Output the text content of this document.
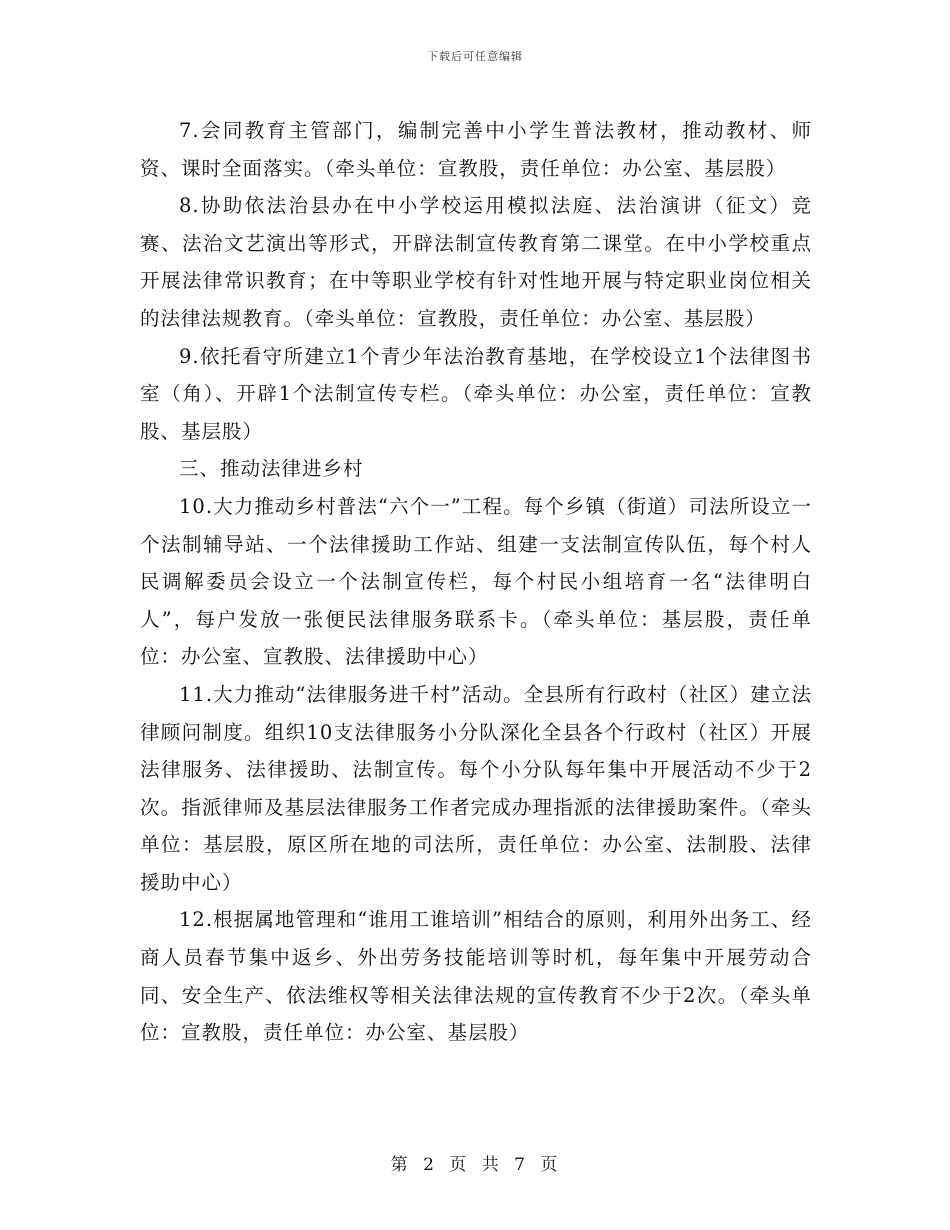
下载后可任意编辑

7.会同教育主管部门，编制完善中小学生普法教材，推动教材、师资、课时全面落实。（牵头单位：宣教股，责任单位：办公室、基层股）

8.协助依法治县办在中小学校运用模拟法庭、法治演讲（征文）竞赛、法治文艺演出等形式，开辟法制宣传教育第二课堂。在中小学校重点开展法律常识教育；在中等职业学校有针对性地开展与特定职业岗位相关的法律法规教育。（牵头单位：宣教股，责任单位：办公室、基层股）

9.依托看守所建立1个青少年法治教育基地，在学校设立1个法律图书室（角）、开辟1个法制宣传专栏。（牵头单位：办公室，责任单位：宣教股、基层股）

三、推动法律进乡村

10.大力推动乡村普法“六个一”工程。每个乡镇（街道）司法所设立一个法制辅导站、一个法律援助工作站、组建一支法制宣传队伍，每个村人民调解委员会设立一个法制宣传栏，每个村民小组培育一名“法律明白人”，每户发放一张便民法律服务联系卡。（牵头单位：基层股，责任单位：办公室、宣教股、法律援助中心）

11.大力推动“法律服务进千村”活动。全县所有行政村（社区）建立法律顾问制度。组织10支法律服务小分队深化全县各个行政村（社区）开展法律服务、法律援助、法制宣传。每个小分队每年集中开展活动不少于2次。指派律师及基层法律服务工作者完成办理指派的法律援助案件。（牵头单位：基层股，原区所在地的司法所，责任单位：办公室、法制股、法律援助中心）

12.根据属地管理和“谁用工谁培训”相结合的原则，利用外出务工、经商人员春节集中返乡、外出劳务技能培训等时机，每年集中开展劳动合同、安全生产、依法维权等相关法律法规的宣传教育不少于2次。（牵头单位：宣教股，责任单位：办公室、基层股）

第 2 页 共 7 页
